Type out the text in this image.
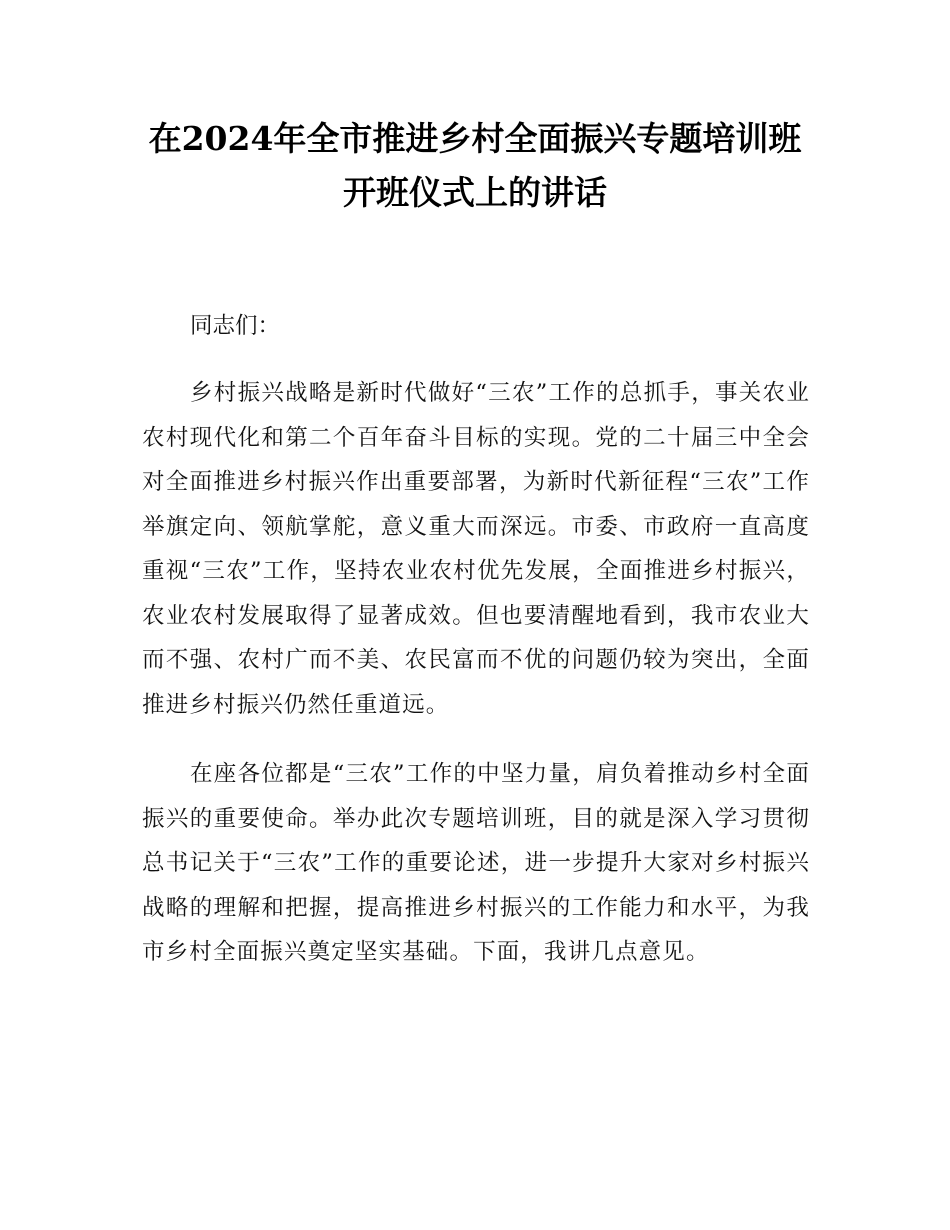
在2024年全市推进乡村全面振兴专题培训班
开班仪式上的讲话

同志们：

乡村振兴战略是新时代做好“三农”工作的总抓手，事关农业农村现代化和第二个百年奋斗目标的实现。党的二十届三中全会对全面推进乡村振兴作出重要部署，为新时代新征程“三农”工作举旗定向、领航掌舵，意义重大而深远。市委、市政府一直高度重视“三农”工作，坚持农业农村优先发展，全面推进乡村振兴，农业农村发展取得了显著成效。但也要清醒地看到，我市农业大而不强、农村广而不美、农民富而不优的问题仍较为突出，全面推进乡村振兴仍然任重道远。

在座各位都是“三农”工作的中坚力量，肩负着推动乡村全面振兴的重要使命。举办此次专题培训班，目的就是深入学习贯彻总书记关于“三农”工作的重要论述，进一步提升大家对乡村振兴战略的理解和把握，提高推进乡村振兴的工作能力和水平，为我市乡村全面振兴奠定坚实基础。下面，我讲几点意见。
